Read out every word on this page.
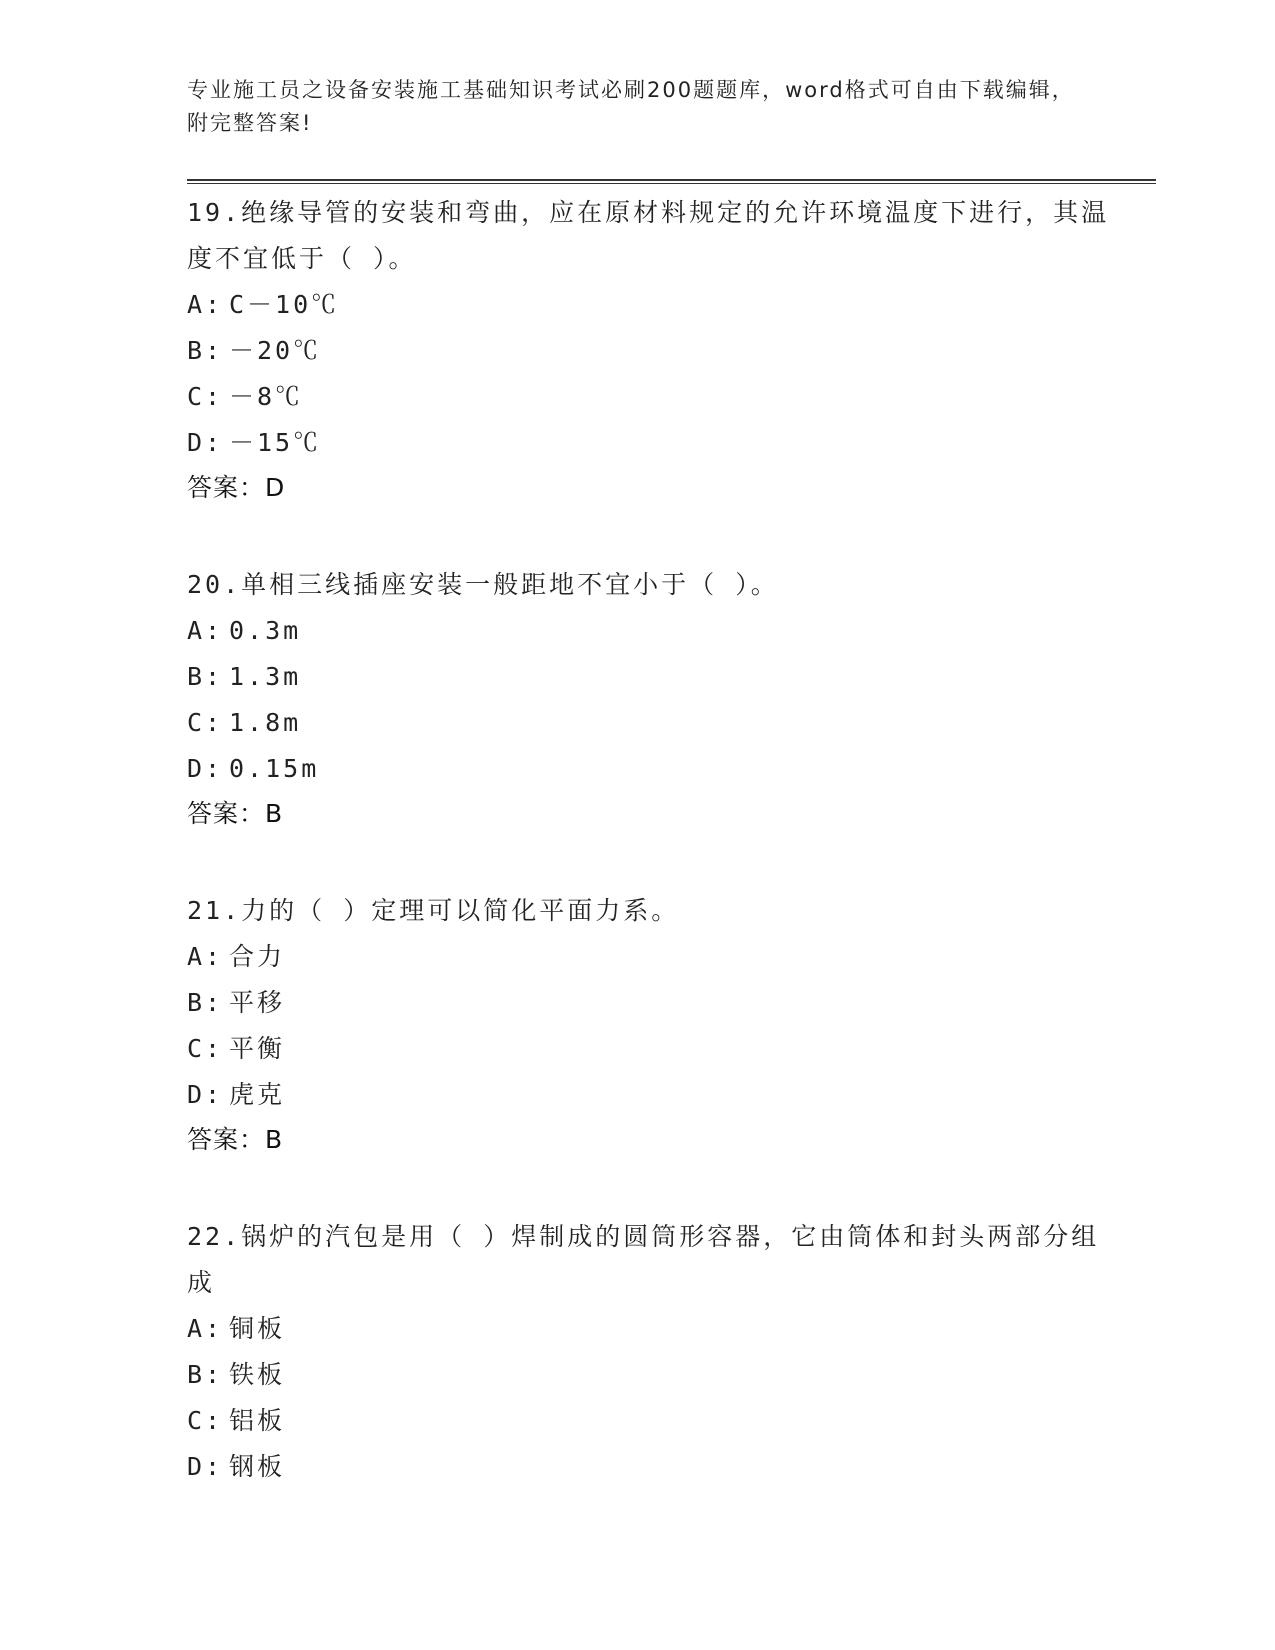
专业施工员之设备安装施工基础知识考试必刷200题题库，word格式可自由下载编辑，附完整答案!
19.绝缘导管的安装和弯曲，应在原材料规定的允许环境温度下进行，其温度不宜低于（ ）。
A: C－10℃
B: －20℃
C: －8℃
D: －15℃
答案：D
20.单相三线插座安装一般距地不宜小于（ ）。
A: 0.3m
B: 1.3m
C: 1.8m
D: 0.15m
答案：B
21.力的（ ）定理可以简化平面力系。
A: 合力
B: 平移
C: 平衡
D: 虎克
答案：B
22.锅炉的汽包是用（ ）焊制成的圆筒形容器，它由筒体和封头两部分组成
A: 铜板
B: 铁板
C: 铝板
D: 钢板
